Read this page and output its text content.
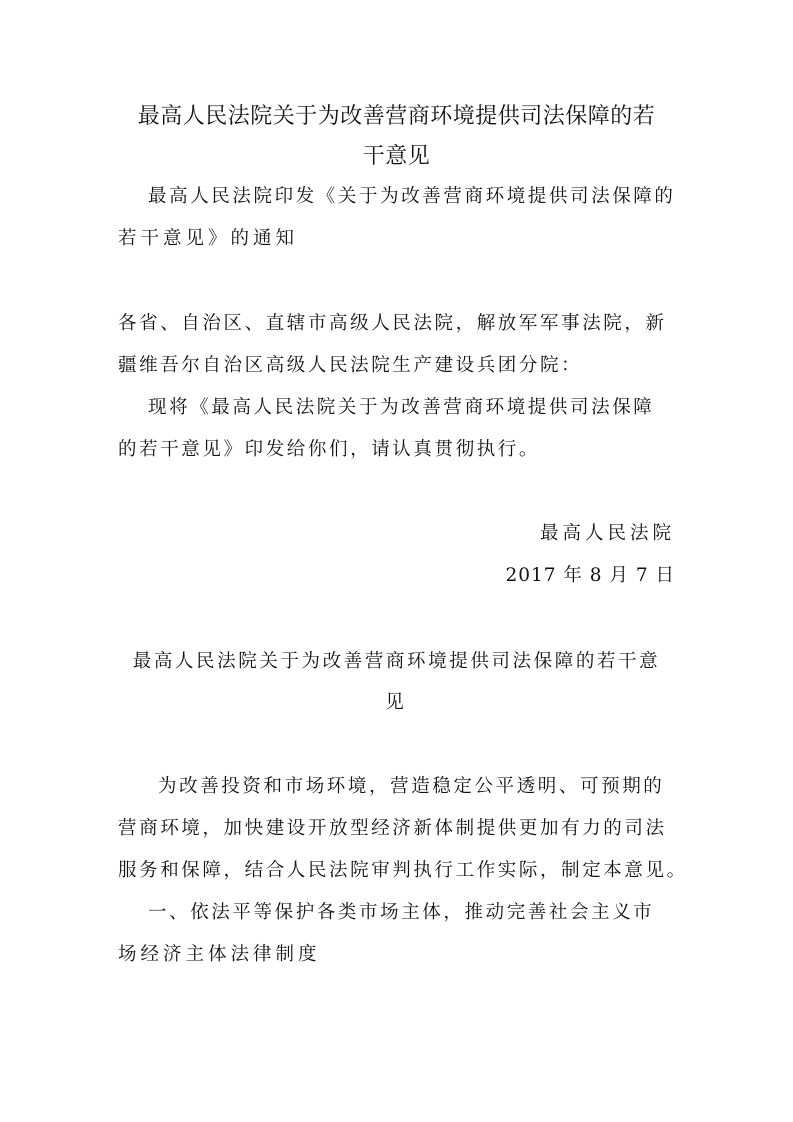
最高人民法院关于为改善营商环境提供司法保障的若
干意见
最高人民法院印发《关于为改善营商环境提供司法保障的
若干意见》的通知
各省、自治区、直辖市高级人民法院，解放军军事法院，新
疆维吾尔自治区高级人民法院生产建设兵团分院：
现将《最高人民法院关于为改善营商环境提供司法保障
的若干意见》印发给你们，请认真贯彻执行。
最高人民法院
2017 年 8 月 7 日
最高人民法院关于为改善营商环境提供司法保障的若干意
见
为改善投资和市场环境，营造稳定公平透明、可预期的
营商环境，加快建设开放型经济新体制提供更加有力的司法
服务和保障，结合人民法院审判执行工作实际，制定本意见。
一、依法平等保护各类市场主体，推动完善社会主义市
场经济主体法律制度
